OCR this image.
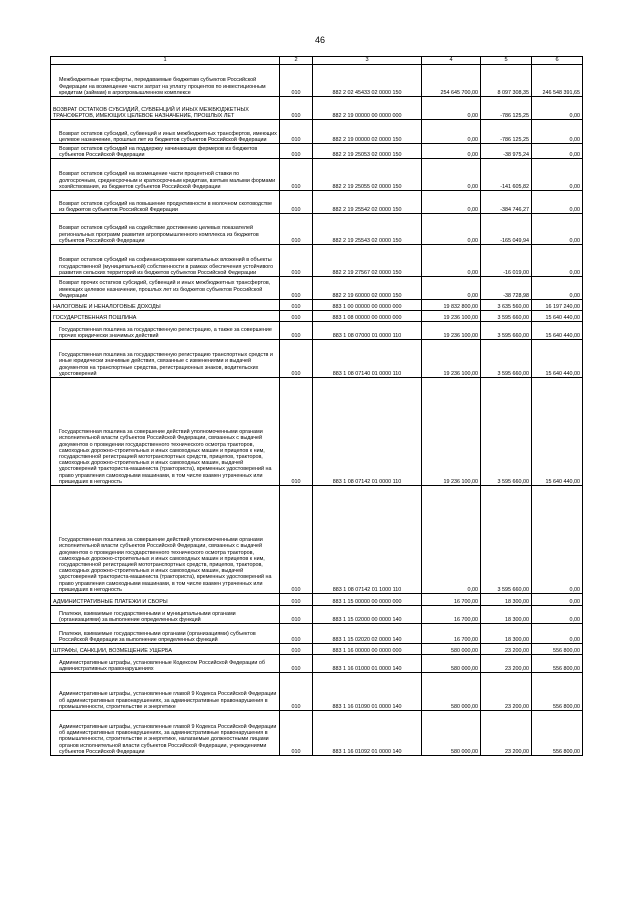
46
1	2	3	4	5	6
Межбюджетные трансферты, передаваемые бюджетам субъектов Российской Федерации на возмещение части затрат на уплату процентов по инвестиционным кредитам (займам) в агропромышленном комплексе	010	882 2 02 45433 02 0000 150	254 645 700,00	8 097 308,35	246 548 391,65
ВОЗВРАТ ОСТАТКОВ СУБСИДИЙ, СУБВЕНЦИЙ И ИНЫХ МЕЖБЮДЖЕТНЫХ ТРАНСФЕРТОВ, ИМЕЮЩИХ ЦЕЛЕВОЕ НАЗНАЧЕНИЕ, ПРОШЛЫХ ЛЕТ	010	882 2 19 00000 00 0000 000	0,00	-786 125,25	0,00
Возврат остатков субсидий, субвенций и иных межбюджетных трансфертов, имеющих целевое назначение, прошлых лет из бюджетов субъектов Российской Федерации	010	882 2 19 00000 02 0000 150	0,00	-786 125,25	0,00
Возврат остатков субсидий на поддержку начинающих фермеров из бюджетов субъектов Российской Федерации	010	882 2 19 25053 02 0000 150	0,00	-38 975,24	0,00
Возврат остатков субсидий на возмещение части процентной ставки по долгосрочным, среднесрочным и краткосрочным кредитам, взятым малыми формами хозяйствования, из бюджетов субъектов Российской Федерации	010	882 2 19 25055 02 0000 150	0,00	-141 605,82	0,00
Возврат остатков субсидий на повышение продуктивности в молочном скотоводстве из бюджетов субъектов Российской Федерации	010	882 2 19 25542 02 0000 150	0,00	-384 746,27	0,00
Возврат остатков субсидий на содействие достижению целевых показателей региональных программ развития агропромышленного комплекса из бюджетов субъектов Российской Федерации	010	882 2 19 25543 02 0000 150	0,00	-165 049,94	0,00
Возврат остатков субсидий на софинансирование капитальных вложений в объекты государственной (муниципальной) собственности в рамках обеспечения устойчивого развития сельских территорий из бюджетов субъектов Российской Федерации	010	882 2 19 27567 02 0000 150	0,00	-16 019,00	0,00
Возврат прочих остатков субсидий, субвенций и иных межбюджетных трансфертов, имеющих целевое назначение, прошлых лет из бюджетов субъектов Российской Федерации	010	882 2 19 60000 02 0000 150	0,00	-38 728,98	0,00
НАЛОГОВЫЕ И НЕНАЛОГОВЫЕ ДОХОДЫ	010	883 1 00 00000 00 0000 000	19 832 800,00	3 635 560,00	16 197 240,00
ГОСУДАРСТВЕННАЯ ПОШЛИНА	010	883 1 08 00000 00 0000 000	19 236 100,00	3 595 660,00	15 640 440,00
Государственная пошлина за государственную регистрацию, а также за совершение прочих юридически значимых действий	010	883 1 08 07000 01 0000 110	19 236 100,00	3 595 660,00	15 640 440,00
Государственная пошлина за государственную регистрацию транспортных средств и иные юридически значимые действия, связанные с изменениями и выдачей документов на транспортные средства, регистрационных знаков, водительских удостоверений	010	883 1 08 07140 01 0000 110	19 236 100,00	3 595 660,00	15 640 440,00
Государственная пошлина за совершение действий уполномоченными органами исполнительной власти субъектов Российской Федерации, связанных с выдачей документов о проведении государственного технического осмотра тракторов, самоходных дорожно-строительных и иных самоходных машин и прицепов к ним, государственной регистрацией мототранспортных средств, прицепов, тракторов, самоходных дорожно-строительных и иных самоходных машин, выдачей удостоверений тракториста-машиниста (тракториста), временных удостоверений на право управления самоходными машинами, в том числе взамен утраченных или пришедших в негодность	010	883 1 08 07142 01 0000 110	19 236 100,00	3 595 660,00	15 640 440,00
Государственная пошлина за совершение действий уполномоченными органами исполнительной власти субъектов Российской Федерации, связанных с выдачей документов о проведении государственного технического осмотра тракторов, самоходных дорожно-строительных и иных самоходных машин и прицепов к ним, государственной регистрацией мототранспортных средств, прицепов, тракторов, самоходных дорожно-строительных и иных самоходных машин, выдачей удостоверений тракториста-машиниста (тракториста), временных удостоверений на право управления самоходными машинами, в том числе взамен утраченных или пришедших в негодность	010	883 1 08 07142 01 1000 110	0,00	3 595 660,00	0,00
АДМИНИСТРАТИВНЫЕ ПЛАТЕЖИ И СБОРЫ	010	883 1 15 00000 00 0000 000	16 700,00	18 300,00	0,00
Платежи, взимаемые государственными и муниципальными органами (организациями) за выполнение определенных функций	010	883 1 15 02000 00 0000 140	16 700,00	18 300,00	0,00
Платежи, взимаемые государственными органами (организациями) субъектов Российской Федерации за выполнение определенных функций	010	883 1 15 02020 02 0000 140	16 700,00	18 300,00	0,00
ШТРАФЫ, САНКЦИИ, ВОЗМЕЩЕНИЕ УЩЕРБА	010	883 1 16 00000 00 0000 000	580 000,00	23 200,00	556 800,00
Административные штрафы, установленные Кодексом Российской Федерации об административных правонарушениях	010	883 1 16 01000 01 0000 140	580 000,00	23 200,00	556 800,00
Административные штрафы, установленные главой 9 Кодекса Российской Федерации об административных правонарушениях, за административные правонарушения в промышленности, строительстве и энергетике	010	883 1 16 01090 01 0000 140	580 000,00	23 200,00	556 800,00
Административные штрафы, установленные главой 9 Кодекса Российской Федерации об административных правонарушениях, за административные правонарушения в промышленности, строительстве и энергетике, налагаемые должностными лицами органов исполнительной власти субъектов Российской Федерации, учреждениями субъектов Российской Федерации	010	883 1 16 01092 01 0000 140	580 000,00	23 200,00	556 800,00
